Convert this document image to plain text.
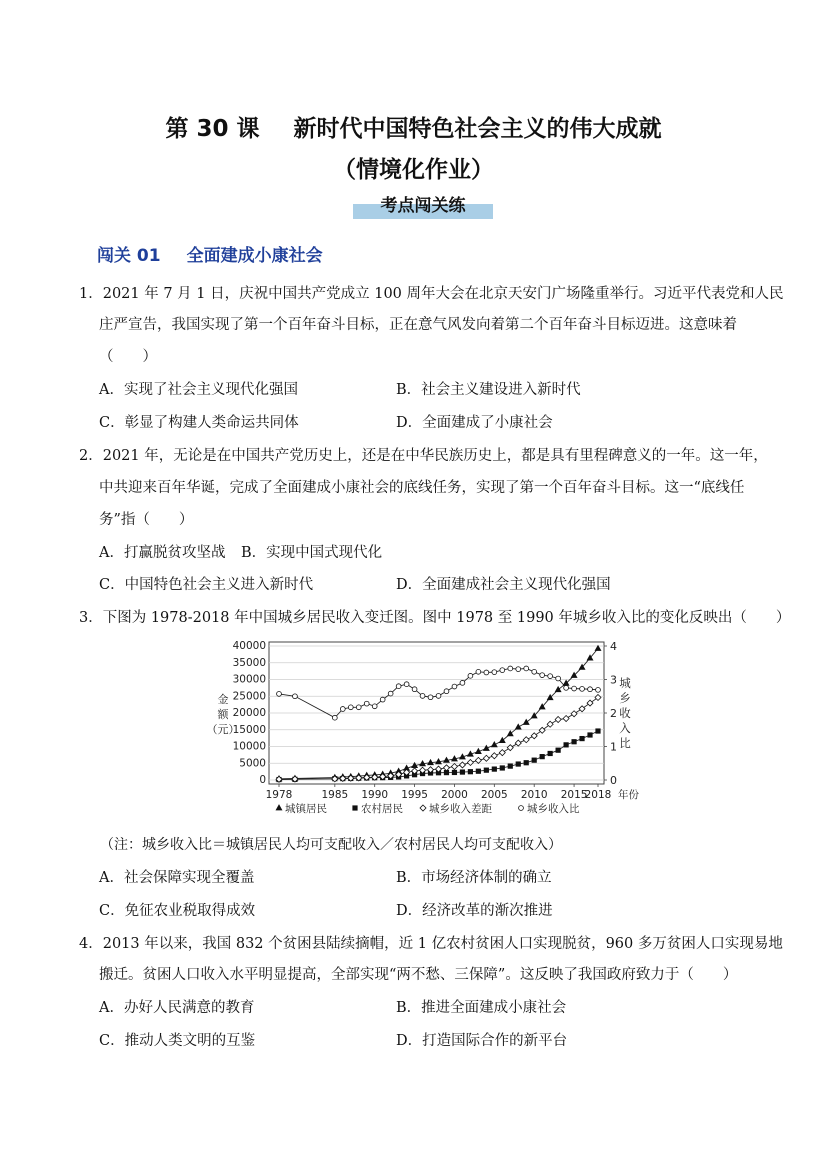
第 30 课 新时代中国特色社会主义的伟大成就
（情境化作业）
考点闯关练
闯关 01 全面建成小康社会
1．2021 年 7 月 1 日，庆祝中国共产党成立 100 周年大会在北京天安门广场隆重举行。习近平代表党和人民
庄严宣告，我国实现了第一个百年奋斗目标，正在意气风发向着第二个百年奋斗目标迈进。这意味着
（　　）
A．实现了社会主义现代化强国	B．社会主义建设进入新时代
C．彰显了构建人类命运共同体	D．全面建成了小康社会
2．2021 年，无论是在中国共产党历史上，还是在中华民族历史上，都是具有里程碑意义的一年。这一年，
中共迎来百年华诞，完成了全面建成小康社会的底线任务，实现了第一个百年奋斗目标。这一“底线任
务”指（　　）
A．打赢脱贫攻坚战 B．实现中国式现代化
C．中国特色社会主义进入新时代	D．全面建成社会主义现代化强国
3．下图为 1978-2018 年中国城乡居民收入变迁图。图中 1978 至 1990 年城乡收入比的变化反映出（　　）
0
5000
10000
15000
20000
25000
30000
35000
40000
0
1
2
3
4
1978	1985 1990 1995 2000 2005 2010 2015
2018 年份
金
额
（元）
城
乡
收
入
比
城镇居民	农村居民 城乡收入差距	城乡收入比
（注：城乡收入比＝城镇居民人均可支配收入／农村居民人均可支配收入）
A．社会保障实现全覆盖	B．市场经济体制的确立
C．免征农业税取得成效	D．经济改革的渐次推进
4．2013 年以来，我国 832 个贫困县陆续摘帽，近 1 亿农村贫困人口实现脱贫，960 多万贫困人口实现易地
搬迁。贫困人口收入水平明显提高，全部实现“两不愁、三保障”。这反映了我国政府致力于（　　）
A．办好人民满意的教育	B．推进全面建成小康社会
C．推动人类文明的互鉴	D．打造国际合作的新平台
